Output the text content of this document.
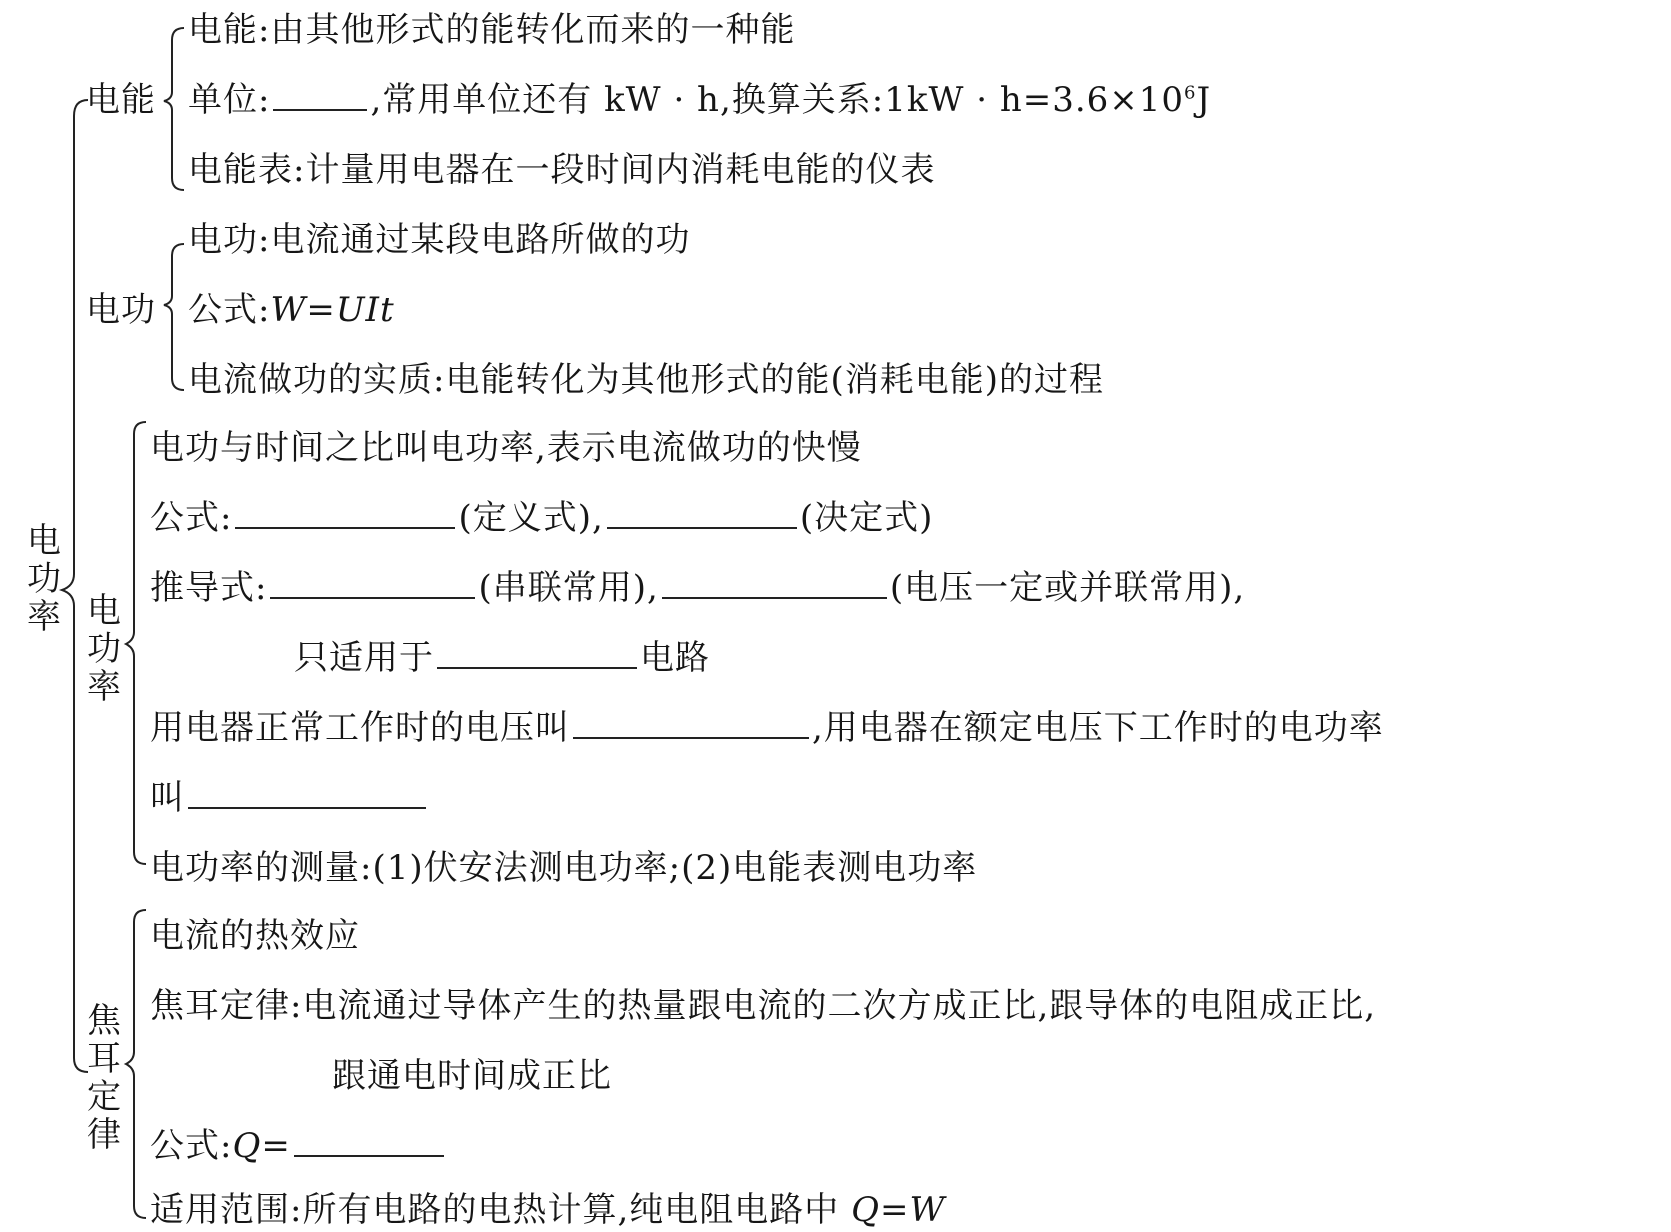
电功率
电能
电能:由其他形式的能转化而来的一种能
单位:	,常用单位还有 kW · h,换算关系:1kW · $h=3.6\times 10^6J$
电能表:计量用电器在一段时间内消耗电能的仪表
电功
电功:电流通过某段电路所做的功
公式:W=UIt
电流做功的实质:电能转化为其他形式的能(消耗电能)的过程
电功率
电功与时间之比叫电功率,表示电流做功的快慢
公式:	(定义式),	(决定式)
推导式:	(串联常用),	(电压一定或并联常用),
只适用于	电路
用电器正常工作时的电压叫	,用电器在额定电压下工作时的电功率
叫
电功率的测量:(1)伏安法测电功率;(2)电能表测电功率
焦耳定律
电流的热效应
焦耳定律:电流通过导体产生的热量跟电流的二次方成正比,跟导体的电阻成正比,
跟通电时间成正比
公式:Q=
适用范围:所有电路的电热计算,纯电阻电路中 Q=W
